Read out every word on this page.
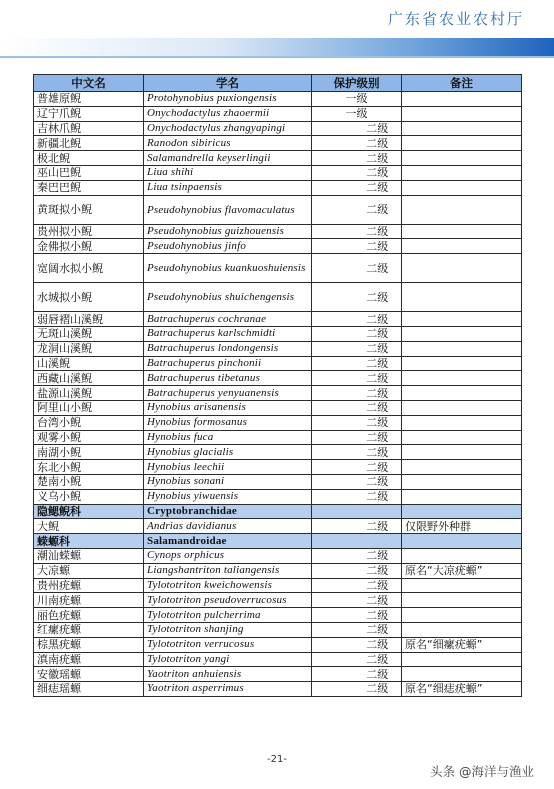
广东省农业农村厅
中文名	学名	保护级别	备注
普雄原鲵	Protohynobius puxiongensis	一级	
辽宁爪鲵	Onychodactylus zhaoermii	一级	
吉林爪鲵	Onychodactylus zhangyapingi	二级	
新疆北鲵	Ranodon sibiricus	二级	
极北鲵	Salamandrella keyserlingii	二级	
巫山巴鲵	Liua shihi	二级	
秦巴巴鲵	Liua tsinpaensis	二级	
黄斑拟小鲵	Pseudohynobius flavomaculatus	二级	
贵州拟小鲵	Pseudohynobius guizhouensis	二级	
金佛拟小鲵	Pseudohynobius jinfo	二级	
宽阔水拟小鲵	Pseudohynobius kuankuoshuiensis	二级	
水城拟小鲵	Pseudohynobius shuichengensis	二级	
弱唇褶山溪鲵	Batrachuperus cochranae	二级	
无斑山溪鲵	Batrachuperus karlschmidti	二级	
龙洞山溪鲵	Batrachuperus londongensis	二级	
山溪鲵	Batrachuperus pinchonii	二级	
西藏山溪鲵	Batrachuperus tibetanus	二级	
盐源山溪鲵	Batrachuperus yenyuanensis	二级	
阿里山小鲵	Hynobius arisanensis	二级	
台湾小鲵	Hynobius formosanus	二级	
观雾小鲵	Hynobius fuca	二级	
南湖小鲵	Hynobius glacialis	二级	
东北小鲵	Hynobius leechii	二级	
楚南小鲵	Hynobius sonani	二级	
义乌小鲵	Hynobius yiwuensis	二级	
隐鳃鲵科	Cryptobranchidae		
大鲵	Andrias davidianus	二级	仅限野外种群
蝾螈科	Salamandroidae		
潮汕蝾螈	Cynops orphicus	二级	
大凉螈	Liangshantriton taliangensis	二级	原名“大凉疣螈”
贵州疣螈	Tylototriton kweichowensis	二级	
川南疣螈	Tylototriton pseudoverrucosus	二级	
丽色疣螈	Tylototriton pulcherrima	二级	
红瘰疣螈	Tylototriton shanjing	二级	
棕黑疣螈	Tylototriton verrucosus	二级	原名“细瘰疣螈”
滇南疣螈	Tylototriton yangi	二级	
安徽瑶螈	Yaotriton anhuiensis	二级	
细痣瑶螈	Yaotriton asperrimus	二级	原名“细痣疣螈”
-21-
头条 @海洋与渔业
